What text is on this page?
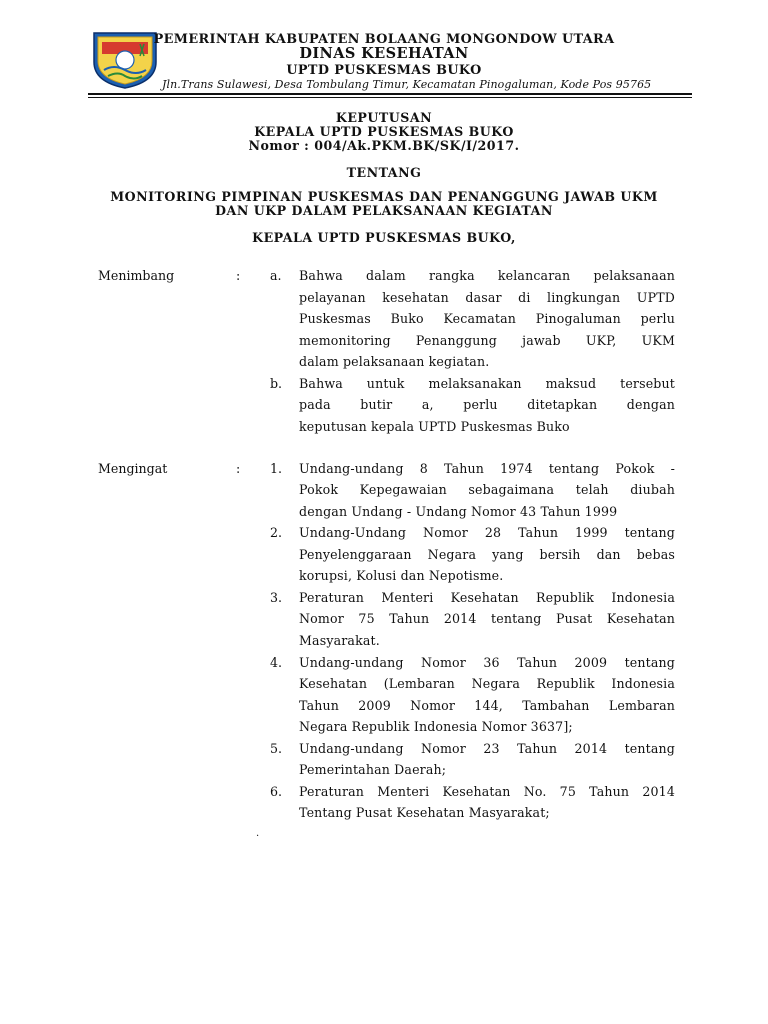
PEMERINTAH KABUPATEN BOLAANG MONGONDOW UTARA
DINAS KESEHATAN
UPTD PUSKESMAS BUKO
Jln.Trans Sulawesi, Desa Tombulang Timur, Kecamatan Pinogaluman, Kode Pos 95765
KEPUTUSAN
KEPALA UPTD PUSKESMAS BUKO
Nomor : 004/Ak.PKM.BK/SK/I/2017.
TENTANG
MONITORING PIMPINAN PUSKESMAS DAN PENANGGUNG JAWAB UKM
DAN UKP DALAM PELAKSANAAN KEGIATAN
KEPALA UPTD PUSKESMAS BUKO,
Menimbang	: a.	Bahwa dalam rangka kelancaran pelaksanaan
pelayanan kesehatan dasar di lingkungan UPTD
Puskesmas Buko Kecamatan Pinogaluman perlu
memonitoring Penanggung jawab UKP, UKM
dalam pelaksanaan kegiatan.
b.	Bahwa untuk melaksanakan maksud tersebut
pada butir a, perlu ditetapkan dengan
keputusan kepala UPTD Puskesmas Buko
Mengingat	: 1.	Undang-undang 8 Tahun 1974 tentang Pokok -
Pokok Kepegawaian sebagaimana telah diubah
dengan Undang - Undang Nomor 43 Tahun 1999
2.	Undang-Undang Nomor 28 Tahun 1999 tentang
Penyelenggaraan Negara yang bersih dan bebas
korupsi, Kolusi dan Nepotisme.
3.	Peraturan Menteri Kesehatan Republik Indonesia
Nomor 75 Tahun 2014 tentang Pusat Kesehatan
Masyarakat.
4.	Undang-undang Nomor 36 Tahun 2009 tentang
Kesehatan (Lembaran Negara Republik Indonesia
Tahun 2009 Nomor 144, Tambahan Lembaran
Negara Republik Indonesia Nomor 3637];
5.	Undang-undang Nomor 23 Tahun 2014 tentang
Pemerintahan Daerah;
6.	Peraturan Menteri Kesehatan No. 75 Tahun 2014
Tentang Pusat Kesehatan Masyarakat;
.
